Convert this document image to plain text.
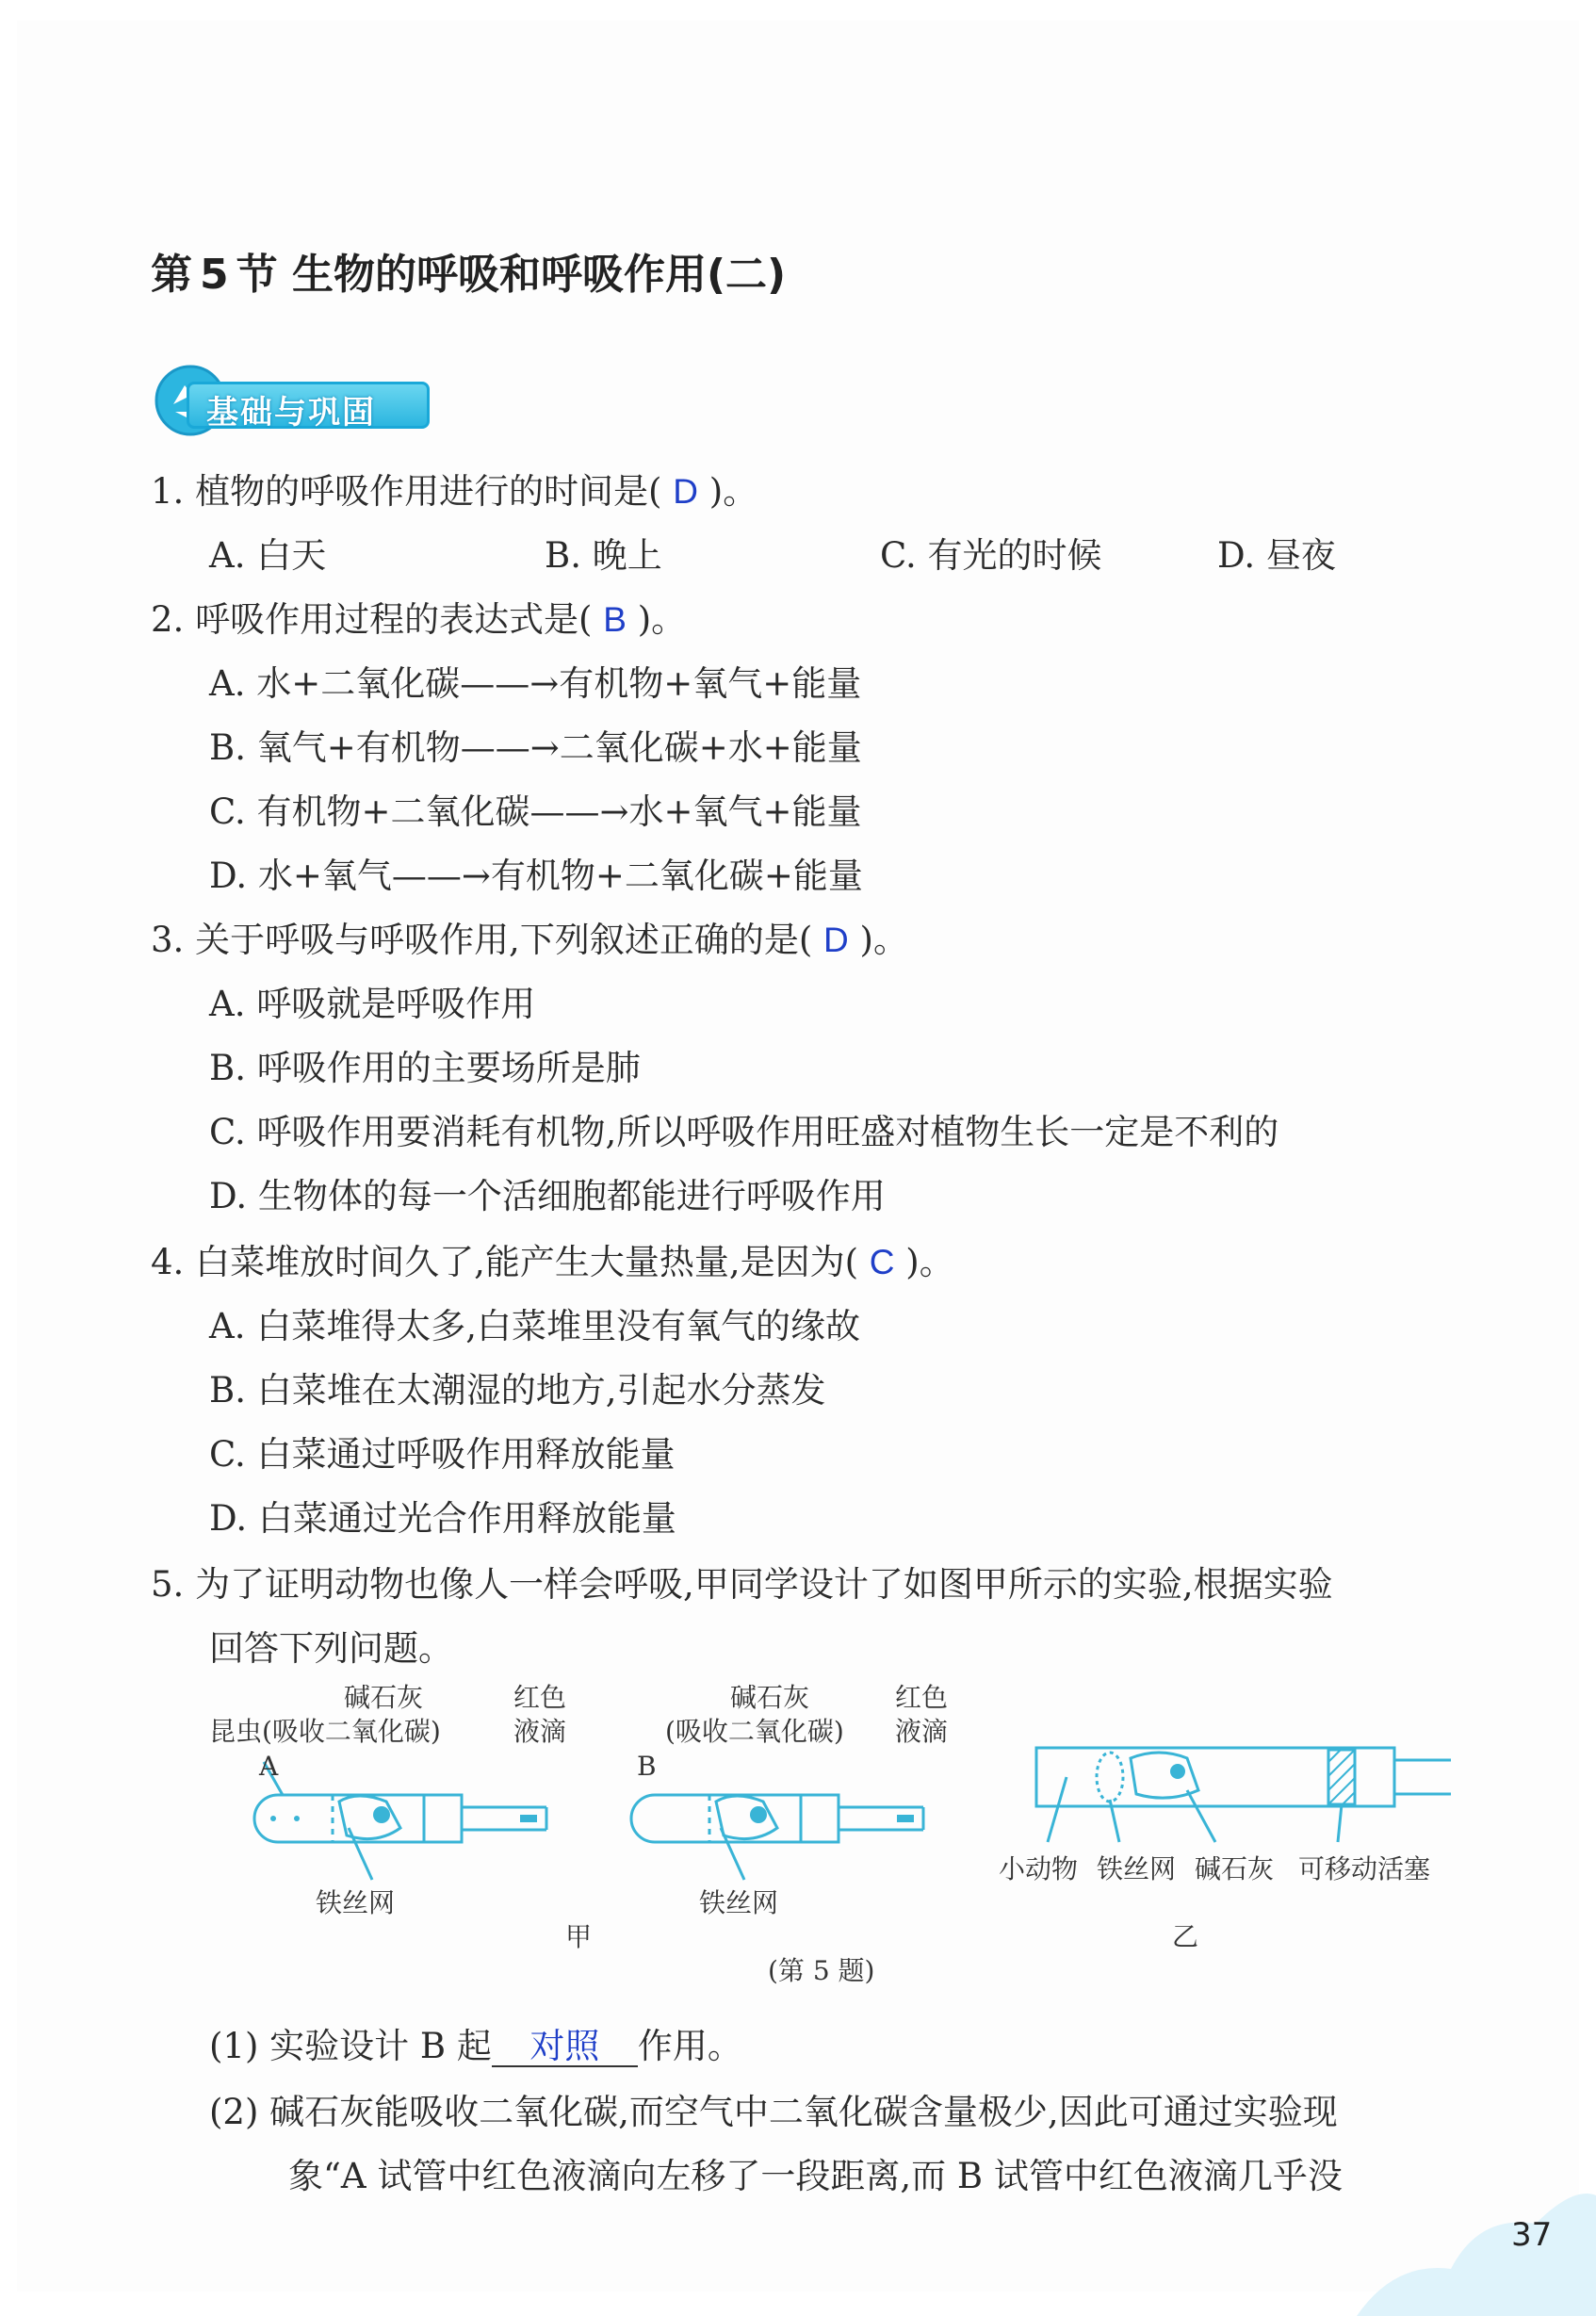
第 5 节 生物的呼吸和呼吸作用(二)
基础与巩固
1. 植物的呼吸作用进行的时间是( D )。
A. 白天	B. 晚上	C. 有光的时候	D. 昼夜
2. 呼吸作用过程的表达式是( B )。
A. 水+二氧化碳——→有机物+氧气+能量
B. 氧气+有机物——→二氧化碳+水+能量
C. 有机物+二氧化碳——→水+氧气+能量
D. 水+氧气——→有机物+二氧化碳+能量
3. 关于呼吸与呼吸作用,下列叙述正确的是( D )。
A. 呼吸就是呼吸作用
B. 呼吸作用的主要场所是肺
C. 呼吸作用要消耗有机物,所以呼吸作用旺盛对植物生长一定是不利的
D. 生物体的每一个活细胞都能进行呼吸作用
4. 白菜堆放时间久了,能产生大量热量,是因为( C )。
A. 白菜堆得太多,白菜堆里没有氧气的缘故
B. 白菜堆在太潮湿的地方,引起水分蒸发
C. 白菜通过呼吸作用释放能量
D. 白菜通过光合作用释放能量
5. 为了证明动物也像人一样会呼吸,甲同学设计了如图甲所示的实验,根据实验
回答下列问题。
碱石灰
昆虫 (吸收二氧化碳)
红色
液滴
A
铁丝网
碱石灰
(吸收二氧化碳)
红色
液滴
B
铁丝网
小动物 铁丝网 碱石灰 可移动活塞
甲	乙
(第 5 题)
(1) 实验设计 B 起 对照 作用。
(2) 碱石灰能吸收二氧化碳,而空气中二氧化碳含量极少,因此可通过实验现
象“A 试管中红色液滴向左移了一段距离,而 B 试管中红色液滴几乎没
37
